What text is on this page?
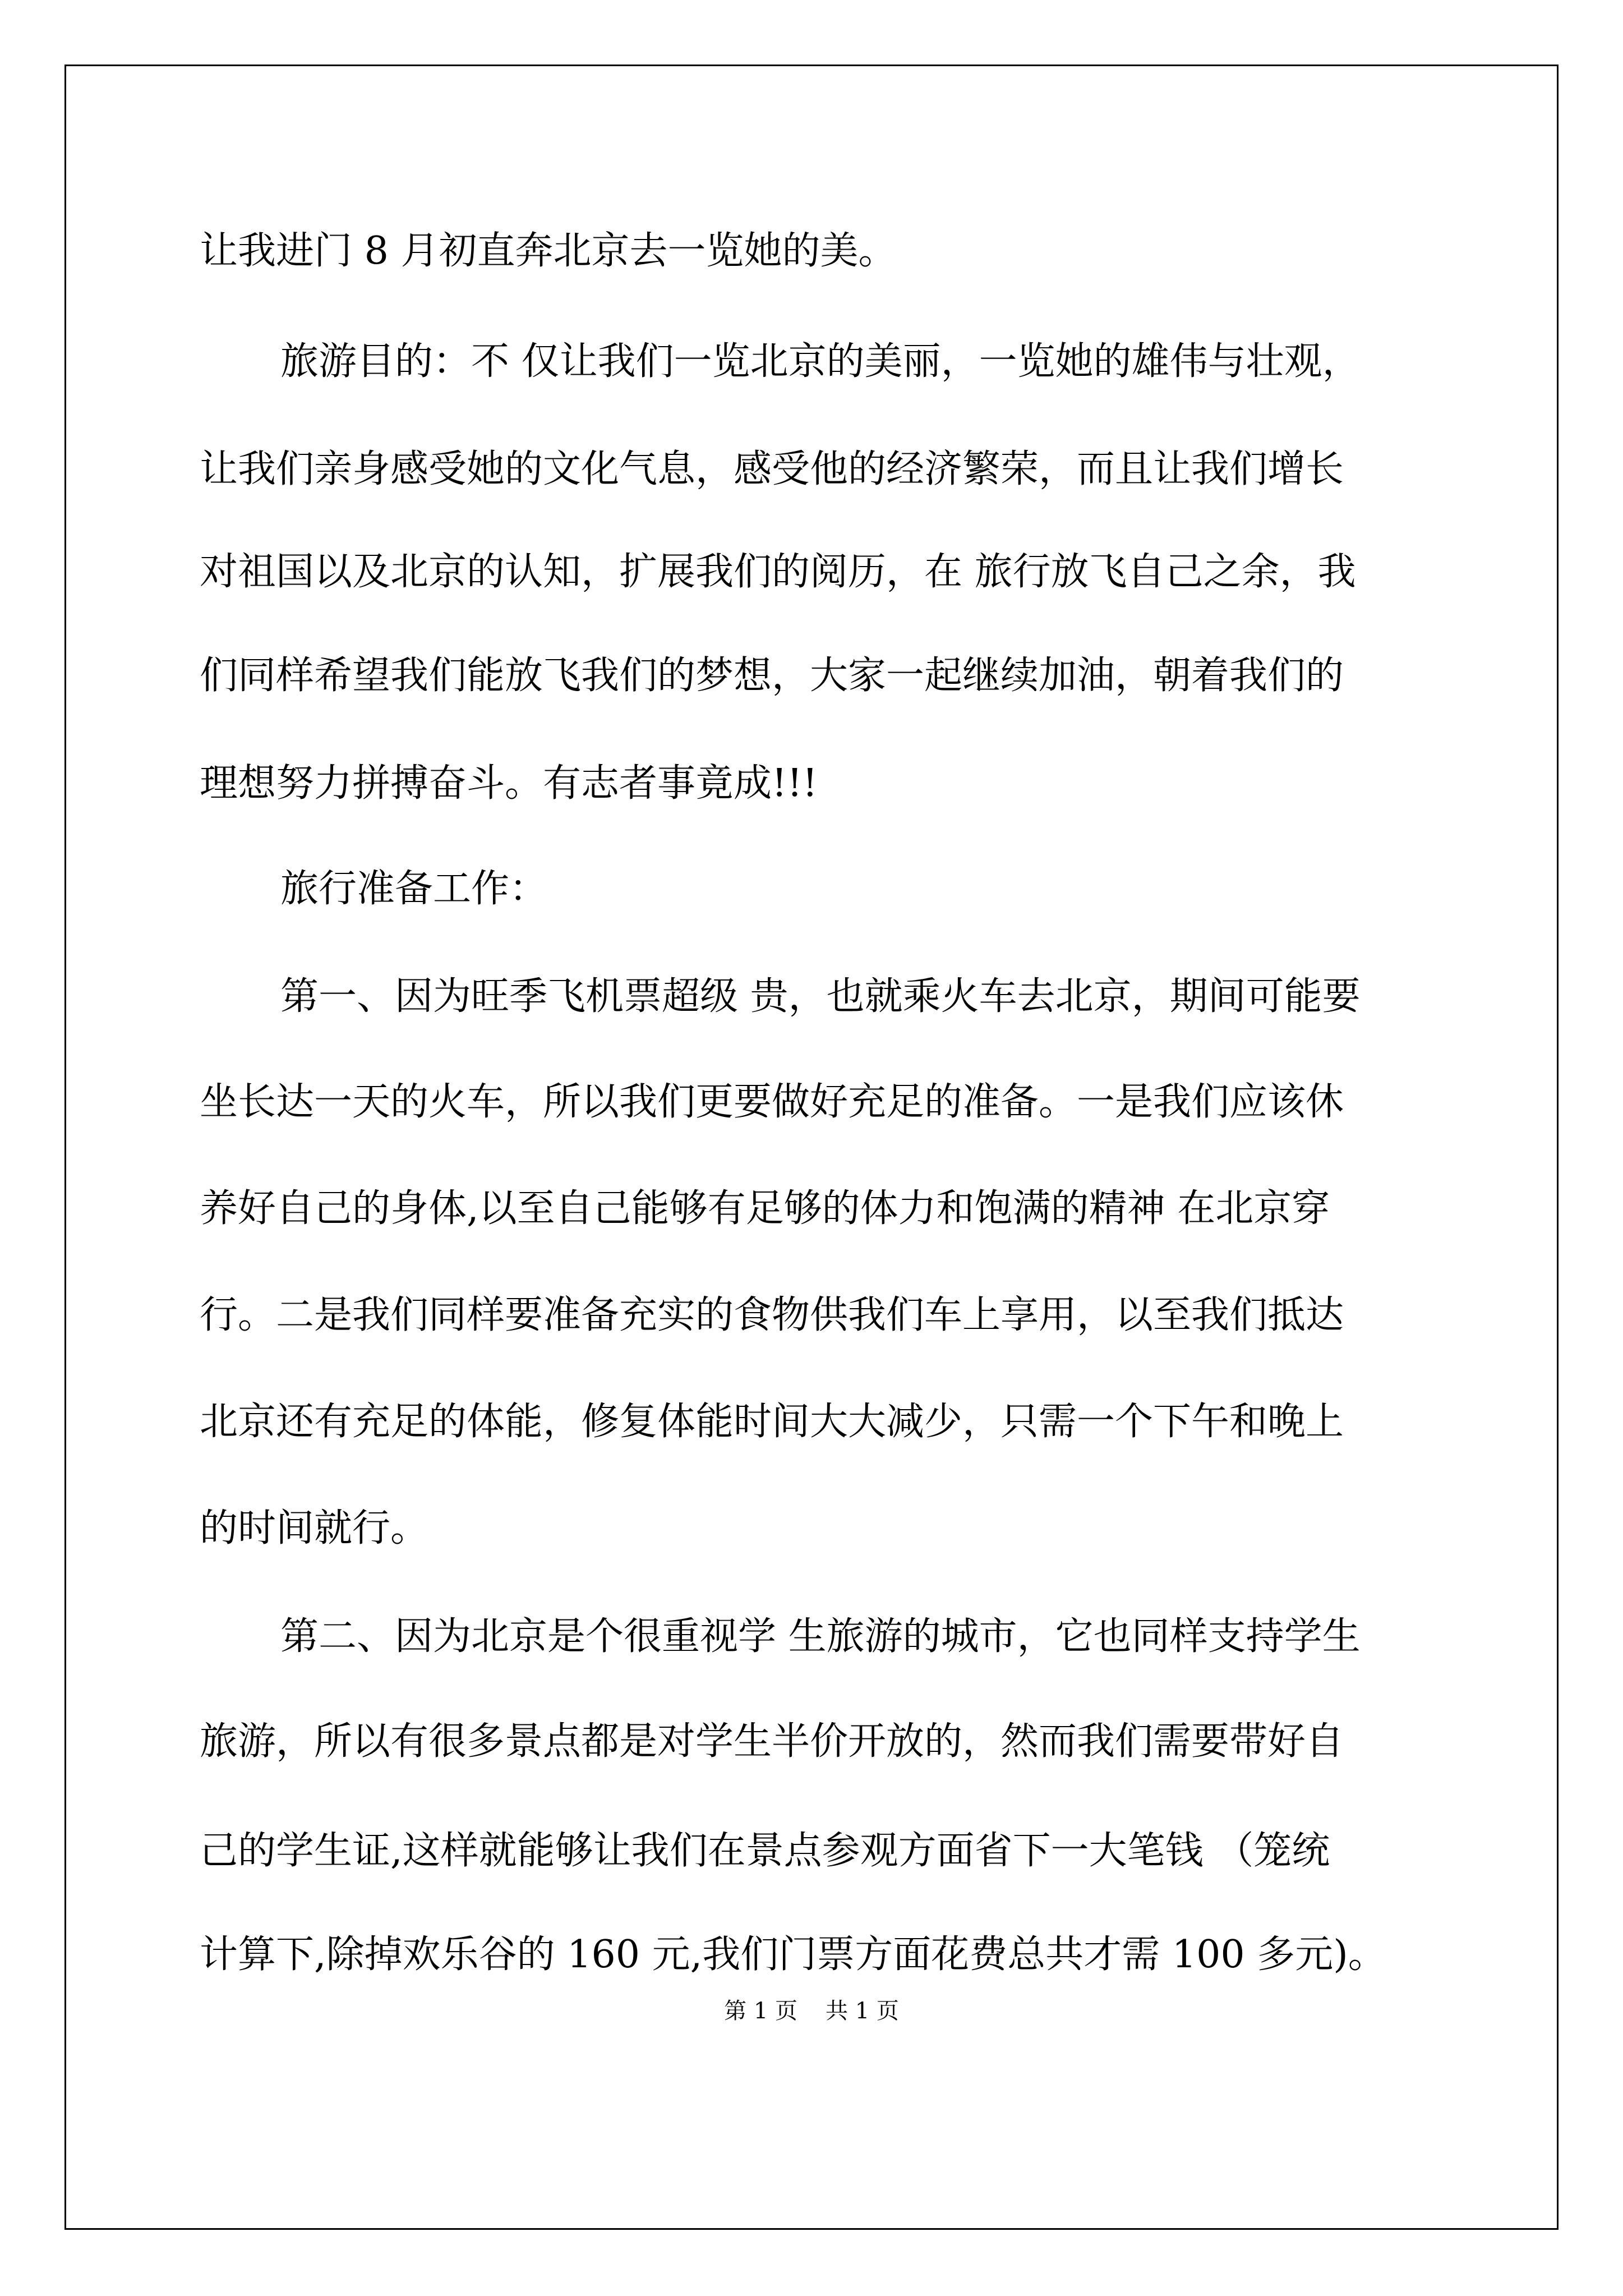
让我进门 8 月初直奔北京去一览她的美。

旅游目的：不 仅让我们一览北京的美丽，一览她的雄伟与壮观，

让我们亲身感受她的文化气息，感受他的经济繁荣，而且让我们增长

对祖国以及北京的认知，扩展我们的阅历，在 旅行放飞自己之余，我

们同样希望我们能放飞我们的梦想，大家一起继续加油，朝着我们的

理想努力拼搏奋斗。有志者事竟成!!!

旅行准备工作：

第一、因为旺季飞机票超级 贵，也就乘火车去北京，期间可能要

坐长达一天的火车，所以我们更要做好充足的准备。一是我们应该休

养好自己的身体,以至自己能够有足够的体力和饱满的精神 在北京穿

行。二是我们同样要准备充实的食物供我们车上享用，以至我们抵达

北京还有充足的体能，修复体能时间大大减少，只需一个下午和晚上

的时间就行。

第二、因为北京是个很重视学 生旅游的城市，它也同样支持学生

旅游，所以有很多景点都是对学生半价开放的，然而我们需要带好自

己的学生证,这样就能够让我们在景点参观方面省下一大笔钱 （笼统

计算下,除掉欢乐谷的 160 元,我们门票方面花费总共才需 100 多元)。

第 1 页 共 1 页
